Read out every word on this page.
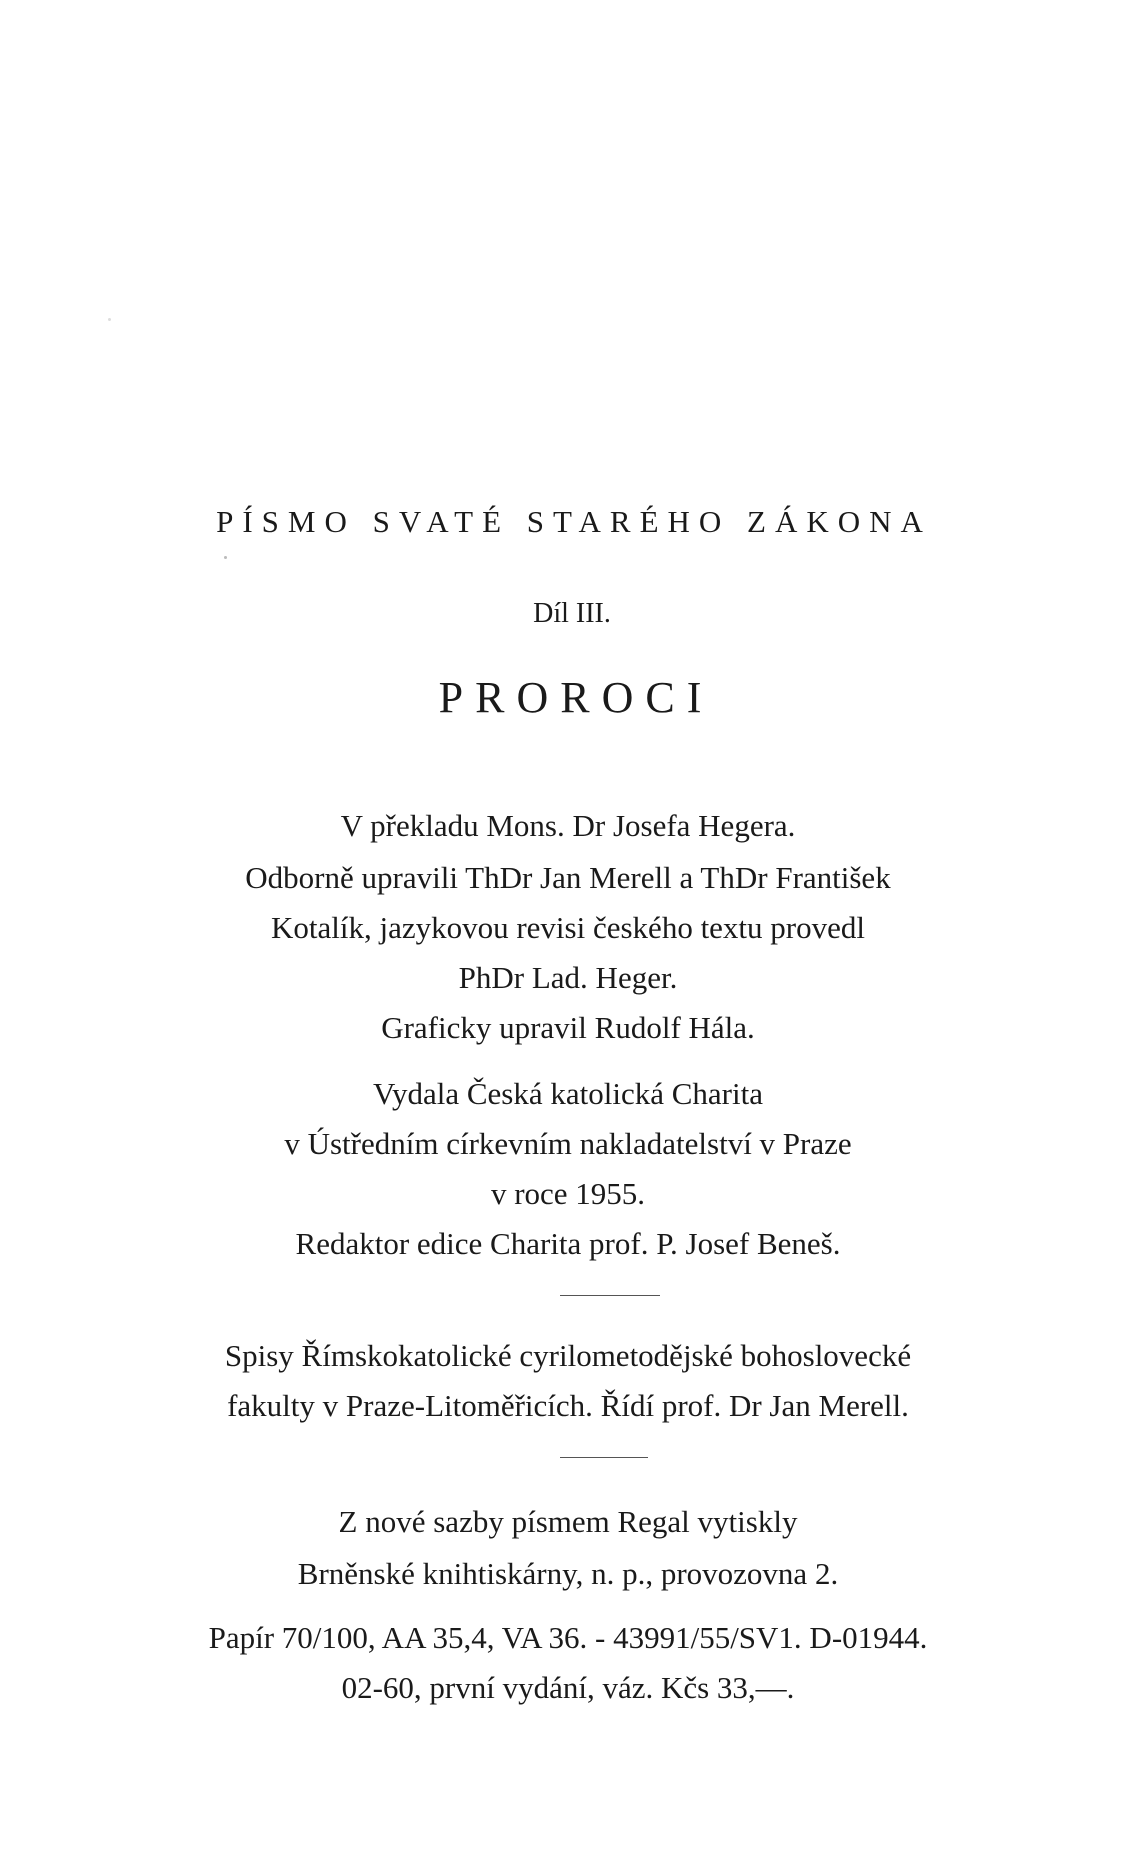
PÍSMO SVATÉ STARÉHO ZÁKONA
Díl III.
PROROCI
V překladu Mons. Dr Josefa Hegera.
Odborně upravili ThDr Jan Merell a ThDr František
Kotalík, jazykovou revisi českého textu provedl
PhDr Lad. Heger.
Graficky upravil Rudolf Hála.
Vydala Česká katolická Charita
v Ústředním církevním nakladatelství v Praze
v roce 1955.
Redaktor edice Charita prof. P. Josef Beneš.
Spisy Římskokatolické cyrilometodějské bohoslovecké
fakulty v Praze-Litoměřicích. Řídí prof. Dr Jan Merell.
Z nové sazby písmem Regal vytiskly
Brněnské knihtiskárny, n. p., provozovna 2.
Papír 70/100, AA 35,4, VA 36. - 43991/55/SV1. D-01944.
02-60, první vydání, váz. Kčs 33,—.
